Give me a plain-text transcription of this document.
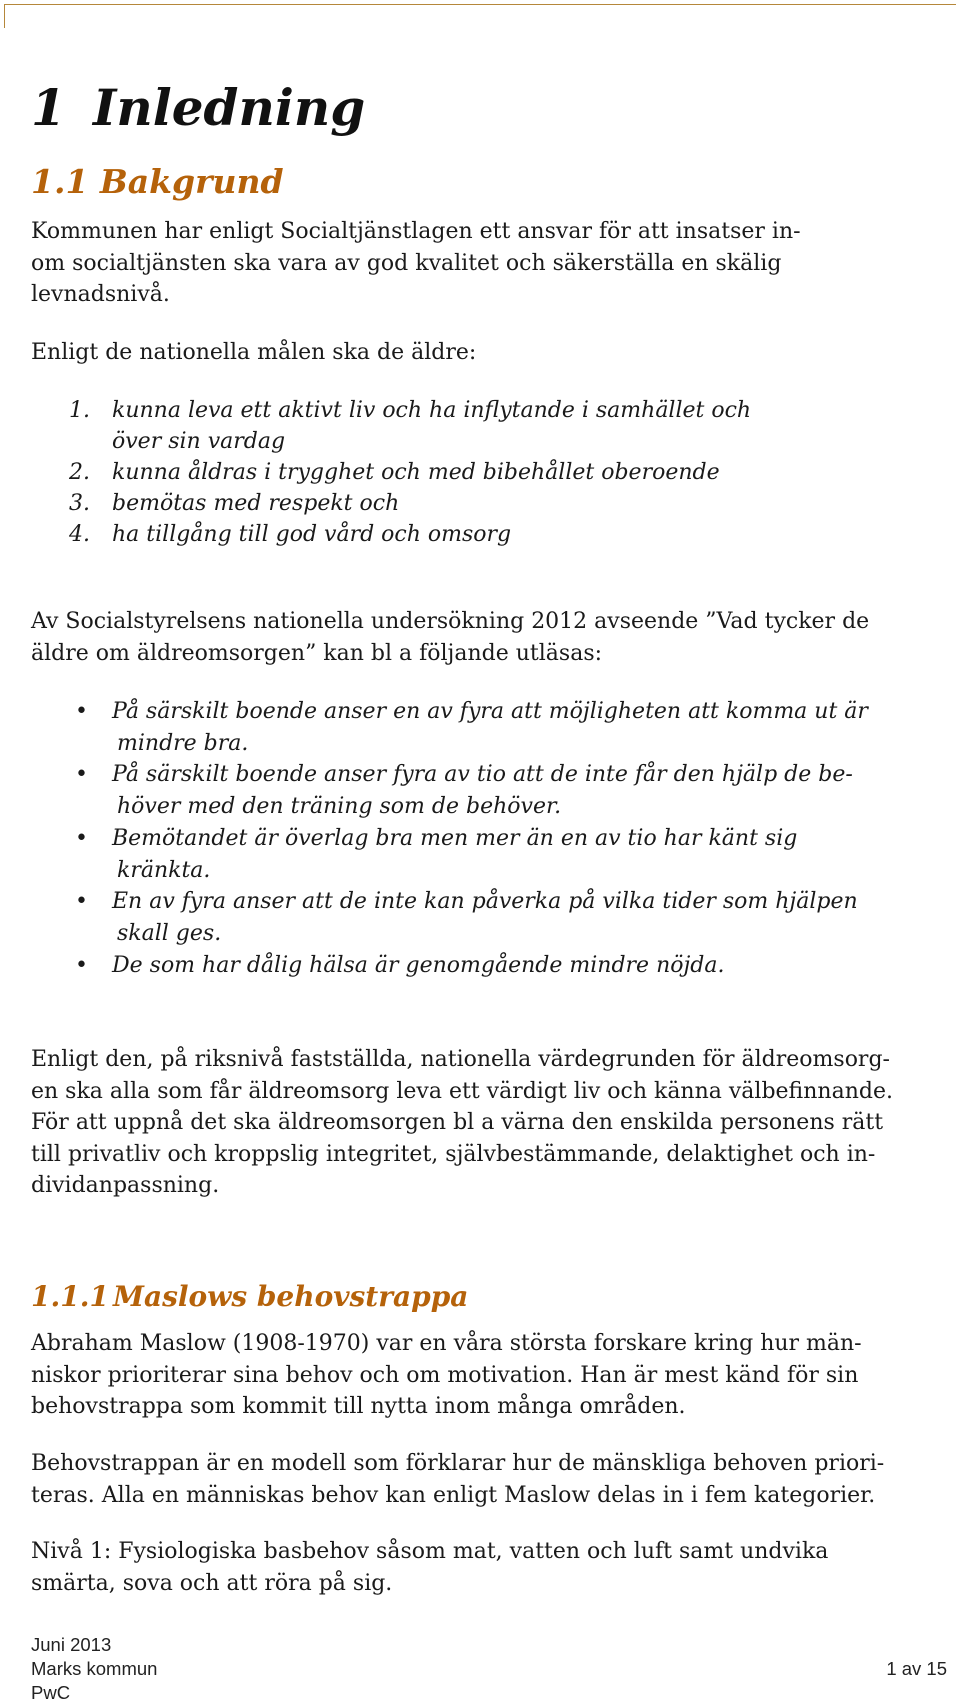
1 Inledning
1.1 Bakgrund
Kommunen har enligt Socialtjänstlagen ett ansvar för att insatser in-
om socialtjänsten ska vara av god kvalitet och säkerställa en skälig
levnadsnivå.
Enligt de nationella målen ska de äldre:
1. kunna leva ett aktivt liv och ha inflytande i samhället och
över sin vardag
2. kunna åldras i trygghet och med bibehållet oberoende
3. bemötas med respekt och
4. ha tillgång till god vård och omsorg
Av Socialstyrelsens nationella undersökning 2012 avseende ”Vad tycker de
äldre om äldreomsorgen” kan bl a följande utläsas:
• På särskilt boende anser en av fyra att möjligheten att komma ut är
mindre bra.
• På särskilt boende anser fyra av tio att de inte får den hjälp de be-
höver med den träning som de behöver.
• Bemötandet är överlag bra men mer än en av tio har känt sig
kränkta.
• En av fyra anser att de inte kan påverka på vilka tider som hjälpen
skall ges.
• De som har dålig hälsa är genomgående mindre nöjda.
Enligt den, på riksnivå fastställda, nationella värdegrunden för äldreomsorg-
en ska alla som får äldreomsorg leva ett värdigt liv och känna välbefinnande.
För att uppnå det ska äldreomsorgen bl a värna den enskilda personens rätt
till privatliv och kroppslig integritet, självbestämmande, delaktighet och in-
dividanpassning.
1.1.1 Maslows behovstrappa
Abraham Maslow (1908-1970) var en våra största forskare kring hur män-
niskor prioriterar sina behov och om motivation. Han är mest känd för sin
behovstrappa som kommit till nytta inom många områden.
Behovstrappan är en modell som förklarar hur de mänskliga behoven priori-
teras. Alla en människas behov kan enligt Maslow delas in i fem kategorier.
Nivå 1: Fysiologiska basbehov såsom mat, vatten och luft samt undvika
smärta, sova och att röra på sig.
Juni 2013
Marks kommun
PwC
1 av 15
